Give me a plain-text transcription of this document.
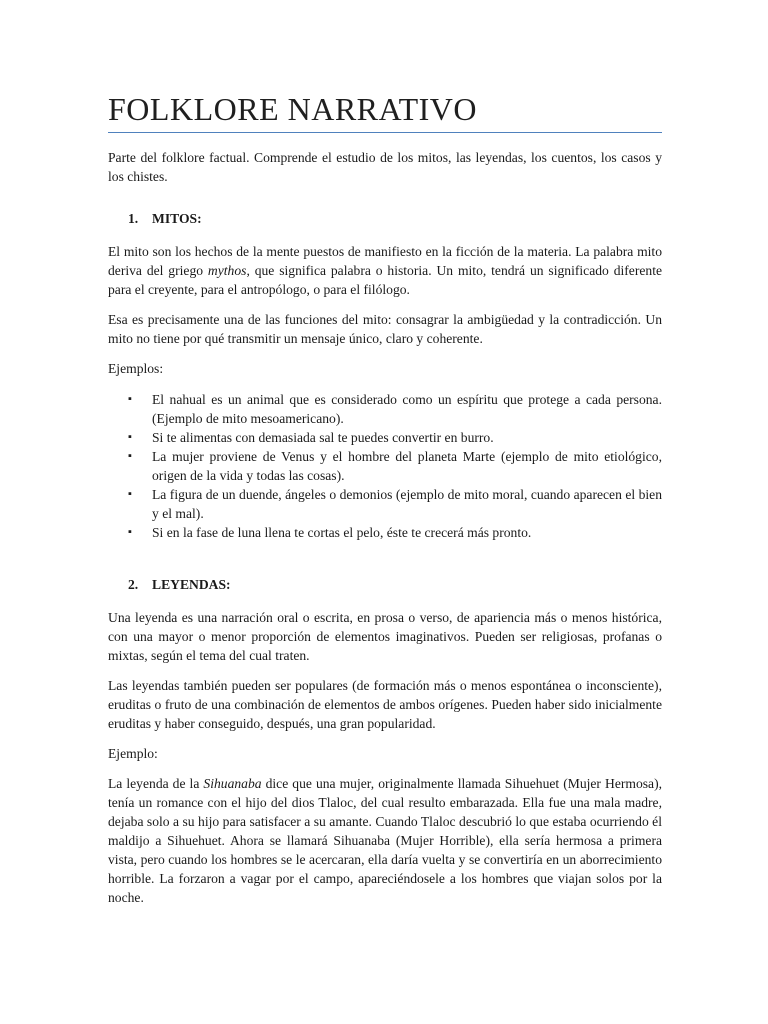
FOLKLORE NARRATIVO

Parte del folklore factual. Comprende el estudio de los mitos, las leyendas, los cuentos, los casos y los chistes.

1. MITOS:

El mito son los hechos de la mente puestos de manifiesto en la ficción de la materia. La palabra mito deriva del griego mythos, que significa palabra o historia. Un mito, tendrá un significado diferente para el creyente, para el antropólogo, o para el filólogo.

Esa es precisamente una de las funciones del mito: consagrar la ambigüedad y la contradicción. Un mito no tiene por qué transmitir un mensaje único, claro y coherente.

Ejemplos:

▪ El nahual es un animal que es considerado como un espíritu que protege a cada persona. (Ejemplo de mito mesoamericano).
▪ Si te alimentas con demasiada sal te puedes convertir en burro.
▪ La mujer proviene de Venus y el hombre del planeta Marte (ejemplo de mito etiológico, origen de la vida y todas las cosas).
▪ La figura de un duende, ángeles o demonios (ejemplo de mito moral, cuando aparecen el bien y el mal).
▪ Si en la fase de luna llena te cortas el pelo, éste te crecerá más pronto.

2. LEYENDAS:

Una leyenda es una narración oral o escrita, en prosa o verso, de apariencia más o menos histórica, con una mayor o menor proporción de elementos imaginativos. Pueden ser religiosas, profanas o mixtas, según el tema del cual traten.

Las leyendas también pueden ser populares (de formación más o menos espontánea o inconsciente), eruditas o fruto de una combinación de elementos de ambos orígenes. Pueden haber sido inicialmente eruditas y haber conseguido, después, una gran popularidad.

Ejemplo:

La leyenda de la Sihuanaba dice que una mujer, originalmente llamada Sihuehuet (Mujer Hermosa), tenía un romance con el hijo del dios Tlaloc, del cual resulto embarazada. Ella fue una mala madre, dejaba solo a su hijo para satisfacer a su amante. Cuando Tlaloc descubrió lo que estaba ocurriendo él maldijo a Sihuehuet. Ahora se llamará Sihuanaba (Mujer Horrible), ella sería hermosa a primera vista, pero cuando los hombres se le acercaran, ella daría vuelta y se convertiría en un aborrecimiento horrible. La forzaron a vagar por el campo, apareciéndosele a los hombres que viajan solos por la noche.
